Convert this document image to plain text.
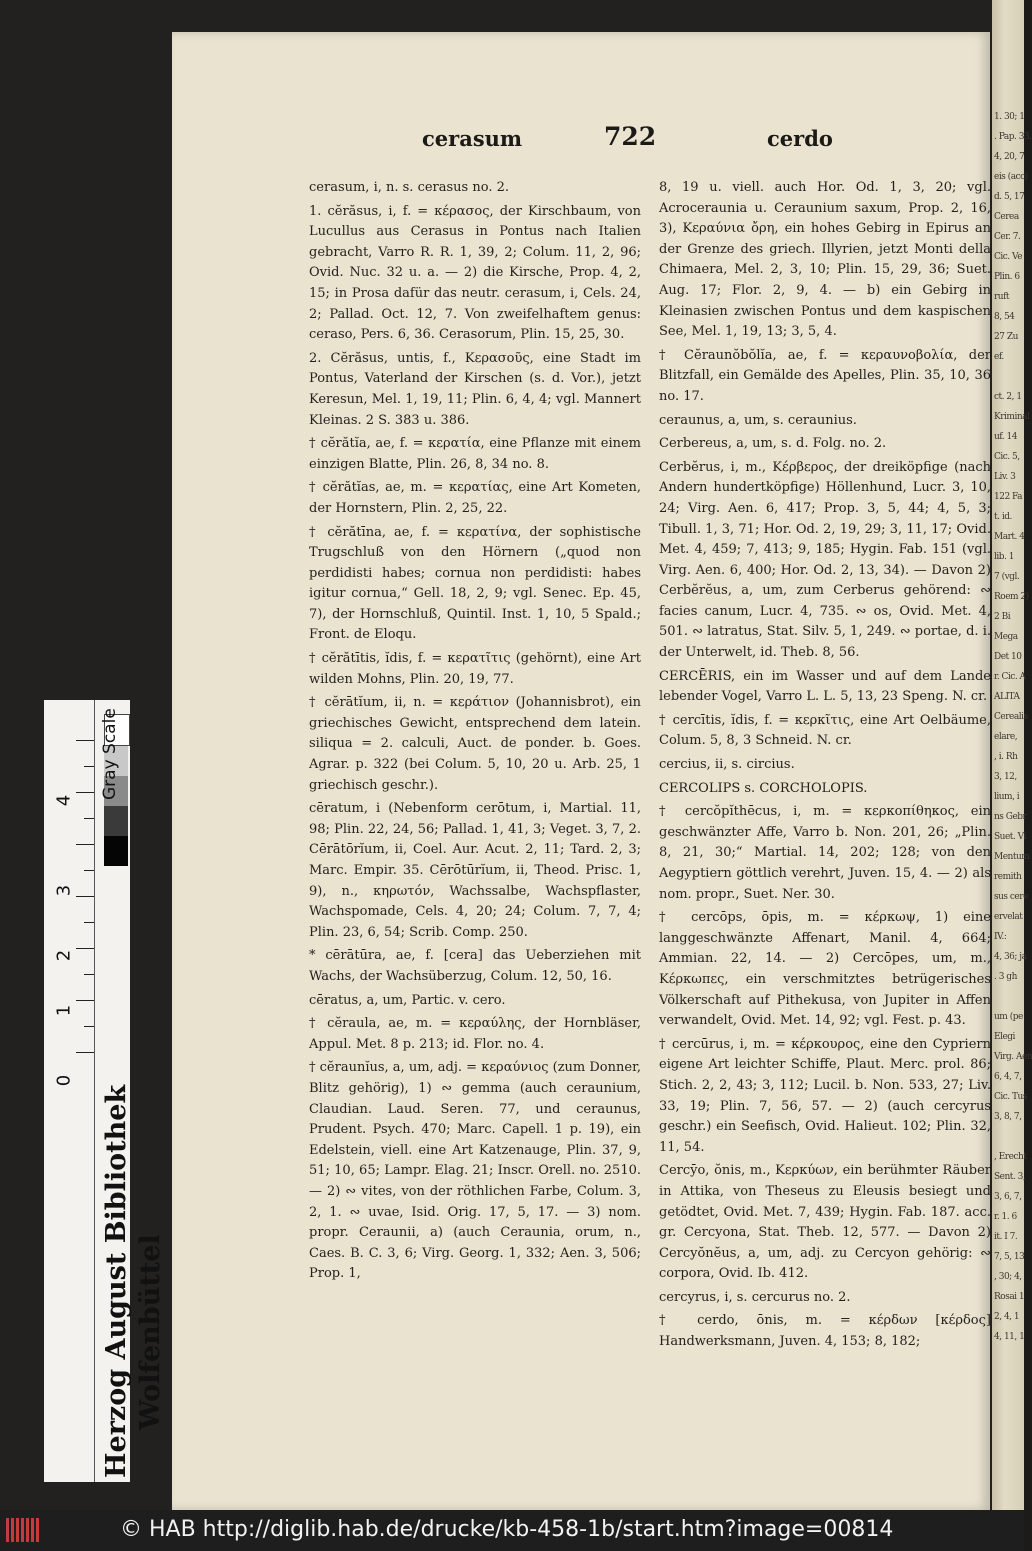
1. 30; 1
. Pap. 33.
4, 20, 7
eis (acc)
d. 5, 17
Cerea
Cer. 7.
Cic. Ve
Plin. 6
ruft
8, 54
27 Zu
ef.
ct. 2, 1
Kriminal
uf. 14
Cic. 5,
Liv. 3
122 Fa
t. id.
Mart. 4
lib. 1
7 (vgl.
Roem 2)
2 Bi
Mega
Det 10
r. Cic. A
ALITA
Cerealis
elare,
, i. Rh
3, 12,
lium, i
ns Gebr
Suet. Vi
Mentum
remith
sus cere
ervelat
IV.:
4, 36; ja
. 3 gh
um (pe
Elegi
Virg. Aen
6, 4, 7,
Cic. Tus
3, 8, 7,
, Erecht
Sent. 3,
3, 6, 7,
r. 1. 6
it. I 7.
7, 5, 13
, 30; 4,
Rosai 1
2, 4, 1
4, 11, 1
cerasum	722	cerdo

cerasum, i, n. s. cerasus no. 2.

1. cĕrăsus, i, f. = κέρασος, der Kirschbaum, von Lucullus aus Cerasus in Pontus nach Italien gebracht, Varro R. R. 1, 39, 2; Colum. 11, 2, 96; Ovid. Nuc. 32 u. a. — 2) die Kirsche, Prop. 4, 2, 15; in Prosa dafür das neutr. cerasum, i, Cels. 24, 2; Pallad. Oct. 12, 7. Von zweifelhaftem genus: ceraso, Pers. 6, 36. Cerasorum, Plin. 15, 25, 30.

2. Cĕrăsus, untis, f., Κερασοῦς, eine Stadt im Pontus, Vaterland der Kirschen (s. d. Vor.), jetzt Keresun, Mel. 1, 19, 11; Plin. 6, 4, 4; vgl. Mannert Kleinas. 2 S. 383 u. 386.

† cĕrătĭa, ae, f. = κερατία, eine Pflanze mit einem einzigen Blatte, Plin. 26, 8, 34 no. 8.

† cĕrătĭas, ae, m. = κερατίας, eine Art Kometen, der Hornstern, Plin. 2, 25, 22.

† cĕrătīna, ae, f. = κερατίνα, der sophistische Trugschluß von den Hörnern („quod non perdidisti habes; cornua non perdidisti: habes igitur cornua,“ Gell. 18, 2, 9; vgl. Senec. Ep. 45, 7), der Hornschluß, Quintil. Inst. 1, 10, 5 Spald.; Front. de Eloqu.

† cĕrătītis, ĭdis, f. = κερατῖτις (gehörnt), eine Art wilden Mohns, Plin. 20, 19, 77.

† cĕrātĭum, ii, n. = κεράτιον (Johannisbrot), ein griechisches Gewicht, entsprechend dem latein. siliqua = 2. calculi, Auct. de ponder. b. Goes. Agrar. p. 322 (bei Colum. 5, 10, 20 u. Arb. 25, 1 griechisch geschr.).

cēratum, i (Nebenform cerōtum, i, Martial. 11, 98; Plin. 22, 24, 56; Pallad. 1, 41, 3; Veget. 3, 7, 2. Cērātōrĭum, ii, Coel. Aur. Acut. 2, 11; Tard. 2, 3; Marc. Empir. 35. Cērōtūrĭum, ii, Theod. Prisc. 1, 9), n., κηρωτόν, Wachssalbe, Wachspflaster, Wachspomade, Cels. 4, 20; 24; Colum. 7, 7, 4; Plin. 23, 6, 54; Scrib. Comp. 250.

* cērātūra, ae, f. [cera] das Ueberziehen mit Wachs, der Wachsüberzug, Colum. 12, 50, 16.

cēratus, a, um, Partic. v. cero.

† cĕraula, ae, m. = κεραύλης, der Hornbläser, Appul. Met. 8 p. 213; id. Flor. no. 4.

† cĕraunĭus, a, um, adj. = κεραύνιος (zum Donner, Blitz gehörig), 1) ∾ gemma (auch ceraunium, Claudian. Laud. Seren. 77, und ceraunus, Prudent. Psych. 470; Marc. Capell. 1 p. 19), ein Edelstein, viell. eine Art Katzenauge, Plin. 37, 9, 51; 10, 65; Lampr. Elag. 21; Inscr. Orell. no. 2510. — 2) ∾ vites, von der röthlichen Farbe, Colum. 3, 2, 1. ∾ uvae, Isid. Orig. 17, 5, 17. — 3) nom. propr. Ceraunii, a) (auch Ceraunia, orum, n., Caes. B. C. 3, 6; Virg. Georg. 1, 332; Aen. 3, 506; Prop. 1,

8, 19 u. viell. auch Hor. Od. 1, 3, 20; vgl. Acroceraunia u. Ceraunium saxum, Prop. 2, 16, 3), Κεραύνια ὄρη, ein hohes Gebirg in Epirus an der Grenze des griech. Illyrien, jetzt Monti della Chimaera, Mel. 2, 3, 10; Plin. 15, 29, 36; Suet. Aug. 17; Flor. 2, 9, 4. — b) ein Gebirg in Kleinasien zwischen Pontus und dem kaspischen See, Mel. 1, 19, 13; 3, 5, 4.

† Cĕraunŏbŏlĭa, ae, f. = κεραυνοβολία, der Blitzfall, ein Gemälde des Apelles, Plin. 35, 10, 36 no. 17.

ceraunus, a, um, s. ceraunius.

Cerbereus, a, um, s. d. Folg. no. 2.

Cerbĕrus, i, m., Κέρβερος, der dreiköpfige (nach Andern hundertköpfige) Höllenhund, Lucr. 3, 10, 24; Virg. Aen. 6, 417; Prop. 3, 5, 44; 4, 5, 3; Tibull. 1, 3, 71; Hor. Od. 2, 19, 29; 3, 11, 17; Ovid. Met. 4, 459; 7, 413; 9, 185; Hygin. Fab. 151 (vgl. Virg. Aen. 6, 400; Hor. Od. 2, 13, 34). — Davon 2) Cerbĕrĕus, a, um, zum Cerberus gehörend: ∾ facies canum, Lucr. 4, 735. ∾ os, Ovid. Met. 4, 501. ∾ latratus, Stat. Silv. 5, 1, 249. ∾ portae, d. i. der Unterwelt, id. Theb. 8, 56.

CERCĒRIS, ein im Wasser und auf dem Lande lebender Vogel, Varro L. L. 5, 13, 23 Speng. N. cr.

† cercītis, ĭdis, f. = κερκῖτις, eine Art Oelbäume, Colum. 5, 8, 3 Schneid. N. cr.

cercius, ii, s. circius.

CERCOLIPS s. CORCHOLOPIS.

† cercŏpĭthēcus, i, m. = κερκοπίθηκος, ein geschwänzter Affe, Varro b. Non. 201, 26; „Plin. 8, 21, 30;“ Martial. 14, 202; 128; von den Aegyptiern göttlich verehrt, Juven. 15, 4. — 2) als nom. propr., Suet. Ner. 30.

† cercōps, ōpis, m. = κέρκωψ, 1) eine langgeschwänzte Affenart, Manil. 4, 664; Ammian. 22, 14. — 2) Cercōpes, um, m., Κέρκωπες, ein verschmitztes betrügerisches Völkerschaft auf Pithekusa, von Jupiter in Affen verwandelt, Ovid. Met. 14, 92; vgl. Fest. p. 43.

† cercūrus, i, m. = κέρκουρος, eine den Cypriern eigene Art leichter Schiffe, Plaut. Merc. prol. 86; Stich. 2, 2, 43; 3, 112; Lucil. b. Non. 533, 27; Liv. 33, 19; Plin. 7, 56, 57. — 2) (auch cercyrus geschr.) ein Seefisch, Ovid. Halieut. 102; Plin. 32, 11, 54.

Cercȳo, ŏnis, m., Κερκύων, ein berühmter Räuber in Attika, von Theseus zu Eleusis besiegt und getödtet, Ovid. Met. 7, 439; Hygin. Fab. 187. acc. gr. Cercyona, Stat. Theb. 12, 577. — Davon 2) Cercyŏnĕus, a, um, adj. zu Cercyon gehörig: ∾ corpora, Ovid. Ib. 412.

cercyrus, i, s. cercurus no. 2.

† cerdo, ōnis, m. = κέρδων [κέρδος] Handwerksmann, Juven. 4, 153; 8, 182;

4
3
2
1
0
Gray Scale
Herzog August Bibliothek Wolfenbüttel
© HAB http://diglib.hab.de/drucke/kb-458-1b/start.htm?image=00814
